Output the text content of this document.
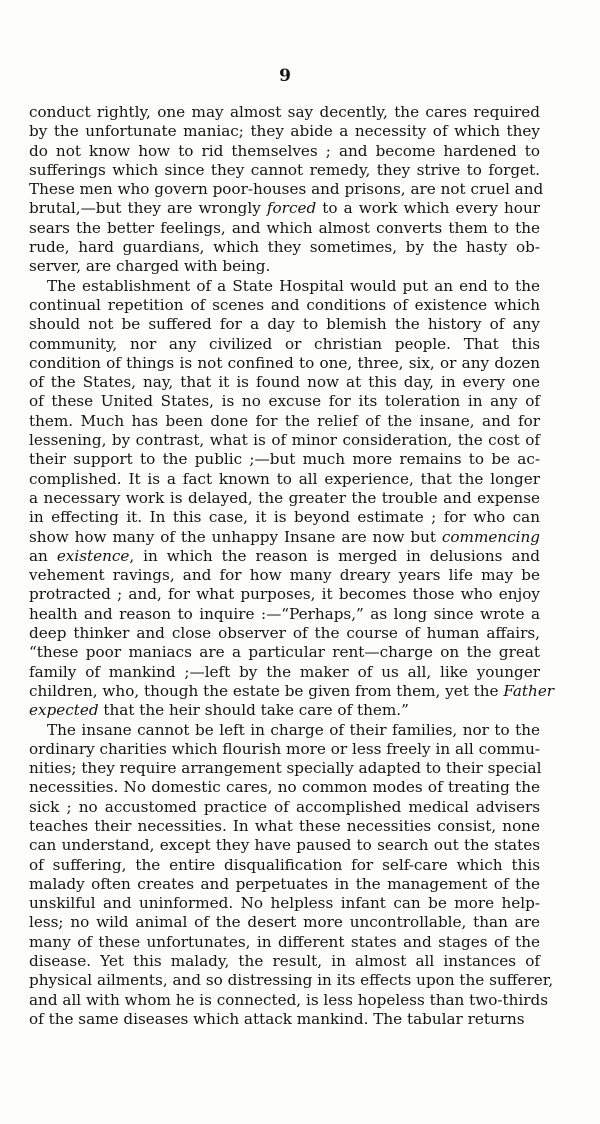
9
conduct rightly, one may almost say decently, the cares required
by the unfortunate maniac; they abide a necessity of which they
do not know how to rid themselves ; and become hardened to
sufferings which since they cannot remedy, they strive to forget.
These men who govern poor-houses and prisons, are not cruel and
brutal,—but they are wrongly forced to a work which every hour
sears the better feelings, and which almost converts them to the
rude, hard guardians, which they sometimes, by the hasty ob-
server, are charged with being.
The establishment of a State Hospital would put an end to the
continual repetition of scenes and conditions of existence which
should not be suffered for a day to blemish the history of any
community, nor any civilized or christian people. That this
condition of things is not confined to one, three, six, or any dozen
of the States, nay, that it is found now at this day, in every one
of these United States, is no excuse for its toleration in any of
them. Much has been done for the relief of the insane, and for
lessening, by contrast, what is of minor consideration, the cost of
their support to the public ;—but much more remains to be ac-
complished. It is a fact known to all experience, that the longer
a necessary work is delayed, the greater the trouble and expense
in effecting it. In this case, it is beyond estimate ; for who can
show how many of the unhappy Insane are now but commencing
an existence, in which the reason is merged in delusions and
vehement ravings, and for how many dreary years life may be
protracted ; and, for what purposes, it becomes those who enjoy
health and reason to inquire :—“Perhaps,” as long since wrote a
deep thinker and close observer of the course of human affairs,
“these poor maniacs are a particular rent—charge on the great
family of mankind ;—left by the maker of us all, like younger
children, who, though the estate be given from them, yet the Father
expected that the heir should take care of them.”
The insane cannot be left in charge of their families, nor to the
ordinary charities which flourish more or less freely in all commu-
nities; they require arrangement specially adapted to their special
necessities. No domestic cares, no common modes of treating the
sick ; no accustomed practice of accomplished medical advisers
teaches their necessities. In what these necessities consist, none
can understand, except they have paused to search out the states
of suffering, the entire disqualification for self-care which this
malady often creates and perpetuates in the management of the
unskilful and uninformed. No helpless infant can be more help-
less; no wild animal of the desert more uncontrollable, than are
many of these unfortunates, in different states and stages of the
disease. Yet this malady, the result, in almost all instances of
physical ailments, and so distressing in its effects upon the sufferer,
and all with whom he is connected, is less hopeless than two-thirds
of the same diseases which attack mankind. The tabular returns
